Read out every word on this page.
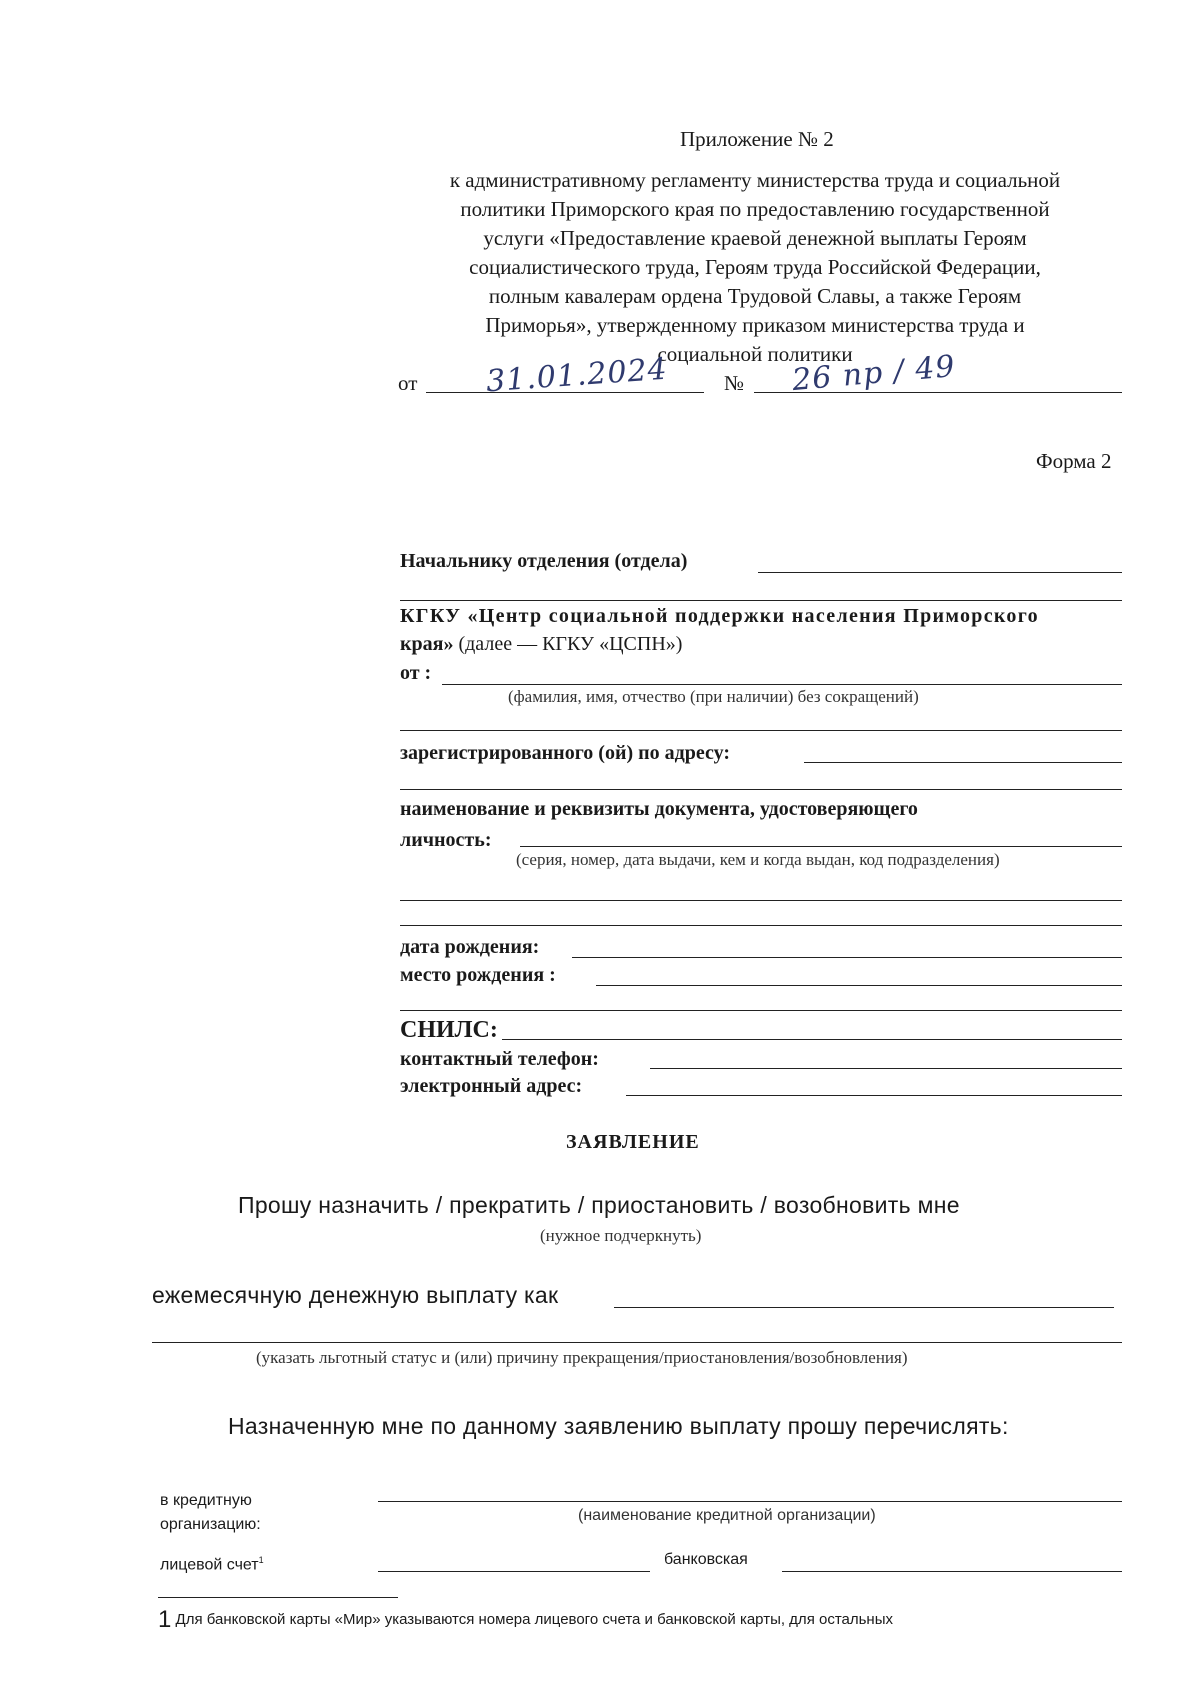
Приложение № 2
к административному регламенту министерства труда и социальной
политики Приморского края по предоставлению государственной
услуги «Предоставление краевой денежной выплаты Героям
социалистического труда, Героям труда Российской Федерации,
полным кавалерам ордена Трудовой Славы, а также Героям
Приморья», утвержденному приказом министерства труда и
социальной политики
от 31.01.2024	№ 26 пр / 49
Форма 2
Начальнику отделения (отдела)
КГКУ «Центр социальной поддержки населения Приморского
края» (далее — КГКУ «ЦСПН»)
от :
(фамилия, имя, отчество (при наличии) без сокращений)
зарегистрированного (ой) по адресу:
наименование и реквизиты документа, удостоверяющего
личность:
(серия, номер, дата выдачи, кем и когда выдан, код подразделения)
дата рождения:
место рождения :
СНИЛС:
контактный телефон:
электронный адрес:
ЗАЯВЛЕНИЕ
Прошу назначить / прекратить / приостановить / возобновить мне
(нужное подчеркнуть)
ежемесячную денежную выплату как
(указать льготный статус и (или) причину прекращения/приостановления/возобновления)
Назначенную мне по данному заявлению выплату прошу перечислять:
в кредитную
организацию:
(наименование кредитной организации)
лицевой счет$^1$	банковская
1 Для банковской карты «Мир» указываются номера лицевого счета и банковской карты, для остальных
